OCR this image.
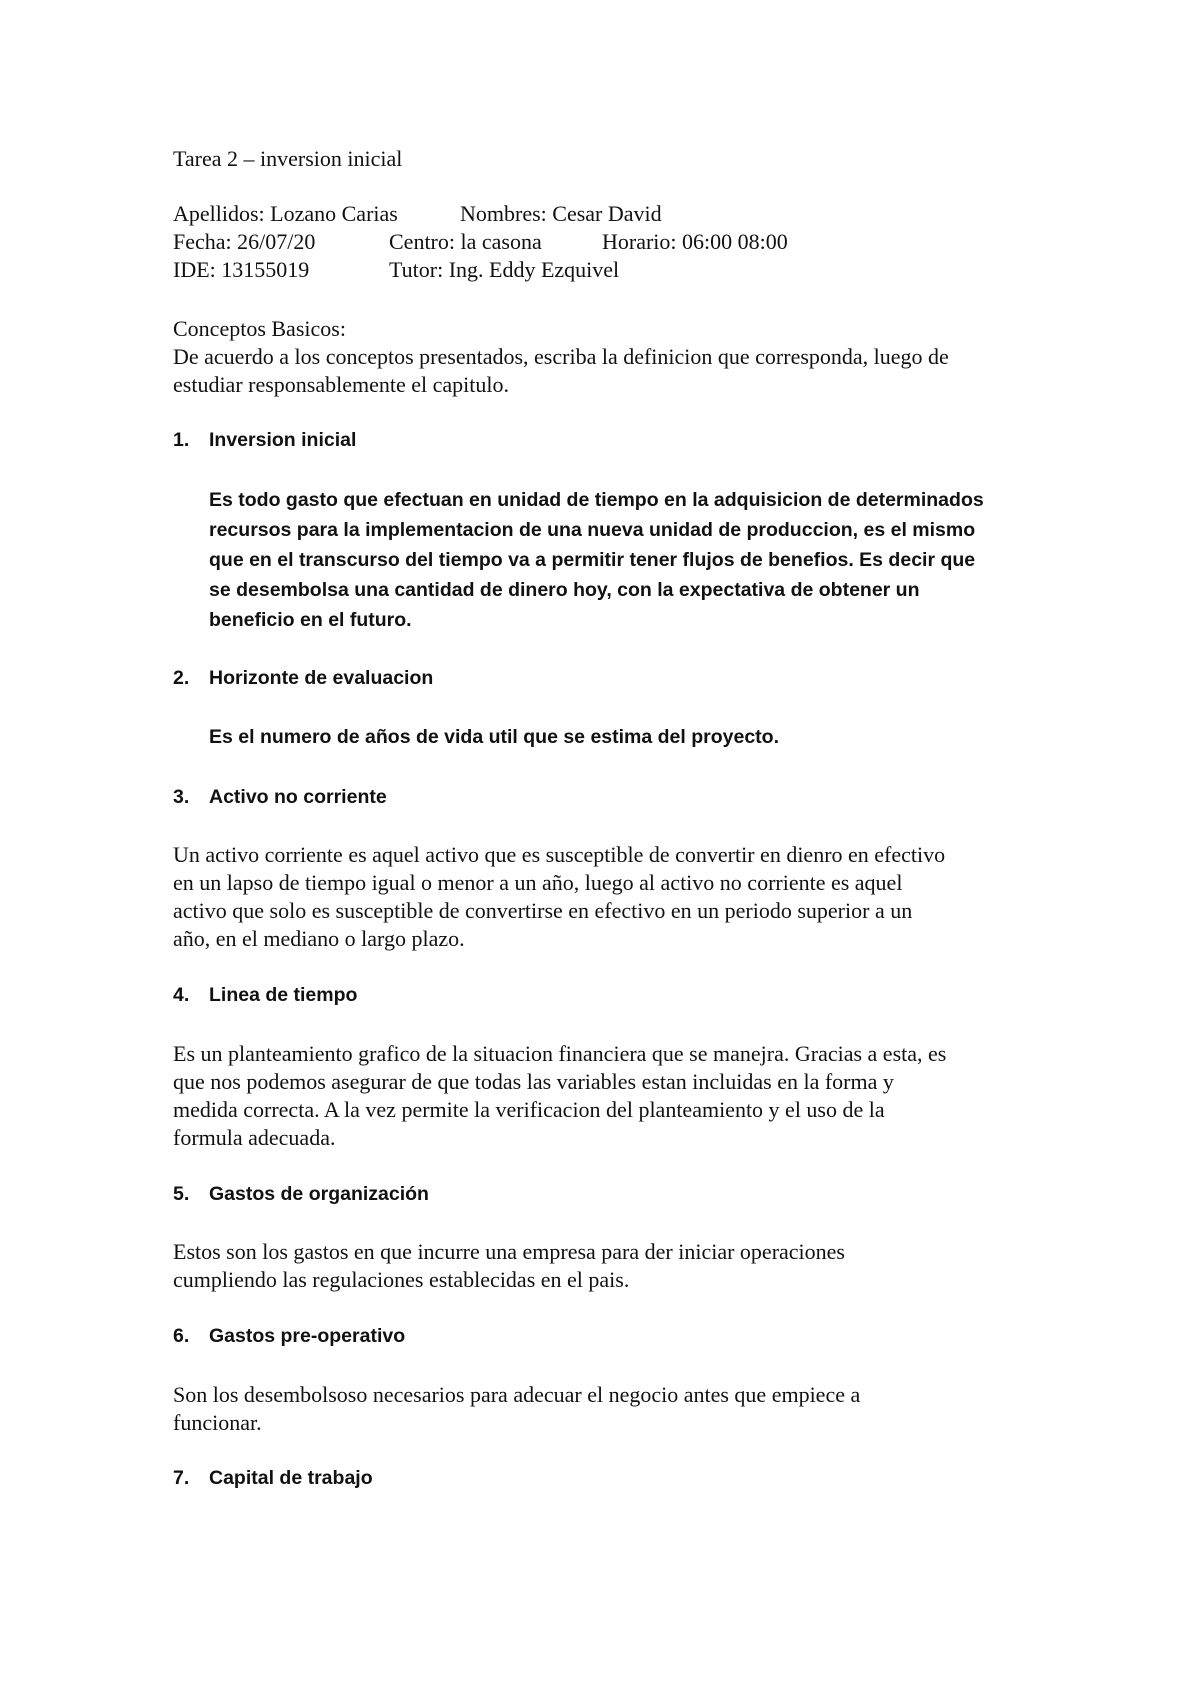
Tarea 2 – inversion inicial

Apellidos: Lozano Carias	Nombres: Cesar David

Fecha: 26/07/20	Centro: la casona	Horario: 06:00 08:00

IDE: 13155019	Tutor: Ing. Eddy Ezquivel

Conceptos Basicos:

De acuerdo a los conceptos presentados, escriba la definicion que corresponda, luego de
estudiar responsablemente el capitulo.
1. Inversion inicial
Es todo gasto que efectuan en unidad de tiempo en la adquisicion de determinados
recursos para la implementacion de una nueva unidad de produccion, es el mismo
que en el transcurso del tiempo va a permitir tener flujos de benefios. Es decir que
se desembolsa una cantidad de dinero hoy, con la expectativa de obtener un
beneficio en el futuro.
2. Horizonte de evaluacion
Es el numero de años de vida util que se estima del proyecto.
3. Activo no corriente
Un activo corriente es aquel activo que es susceptible de convertir en dienro en efectivo
en un lapso de tiempo igual o menor a un año, luego al activo no corriente es aquel
activo que solo es susceptible de convertirse en efectivo en un periodo superior a un
año, en el mediano o largo plazo.
4. Linea de tiempo
Es un planteamiento grafico de la situacion financiera que se manejra. Gracias a esta, es
que nos podemos asegurar de que todas las variables estan incluidas en la forma y
medida correcta. A la vez permite la verificacion del planteamiento y el uso de la
formula adecuada.
5. Gastos de organización
Estos son los gastos en que incurre una empresa para der iniciar operaciones
cumpliendo las regulaciones establecidas en el pais.
6. Gastos pre-operativo
Son los desembolsoso necesarios para adecuar el negocio antes que empiece a
funcionar.
7. Capital de trabajo
